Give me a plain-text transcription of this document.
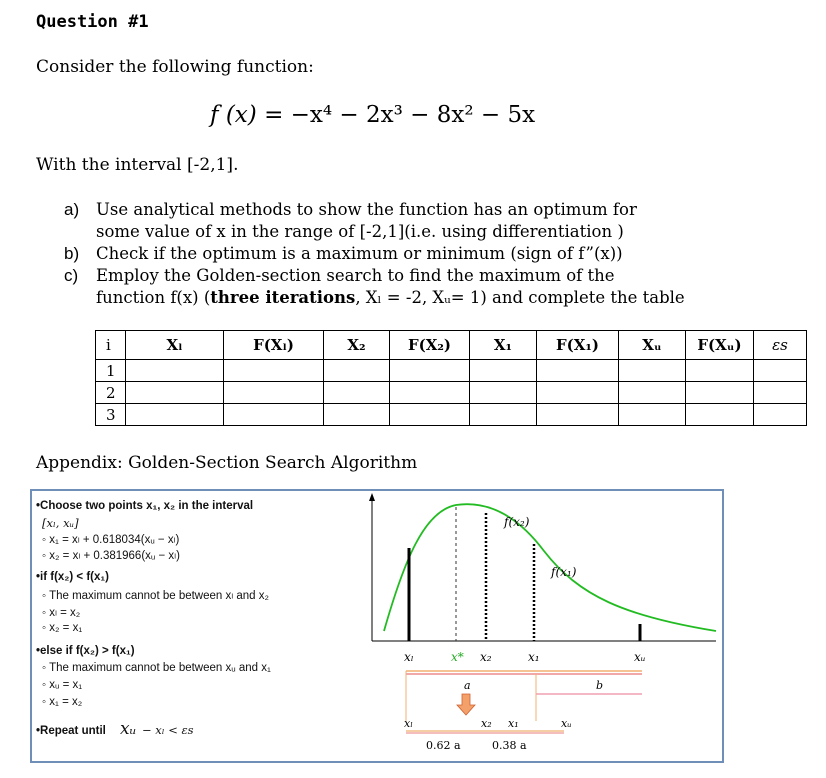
Question #1
Consider the following function:
f (x) = −x⁴ − 2x³ − 8x² − 5x
With the interval [-2,1].
a)	Use analytical methods to show the function has an optimum for
some value of x in the range of [-2,1](i.e. using differentiation )
b)	Check if the optimum is a maximum or minimum (sign of f”(x))
c)	Employ the Golden-section search to find the maximum of the
function f(x) (three iterations, Xₗ = -2, Xᵤ= 1) and complete the table
i	Xₗ	F(Xₗ)	X₂	F(X₂)	X₁	F(X₁)	Xᵤ	F(Xᵤ)	εs
1									
2									
3									
Appendix: Golden-Section Search Algorithm
•Choose two points x₁, x₂ in the interval
[xₗ, xᵤ]
◦ x₁ = xₗ + 0.618034(xᵤ − xₗ)
◦ x₂ = xₗ + 0.381966(xᵤ − xₗ)
•if f(x₂) < f(x₁)
◦ The maximum cannot be between xₗ and x₂
◦ xₗ = x₂
◦ x₂ = x₁
•else if f(x₂) > f(x₁)
◦ The maximum cannot be between xᵤ and x₁
◦ xᵤ = x₁
◦ x₁ = x₂
•Repeat until xᵤ − xₗ < εs
f(x₂)
f(x₁)
xₗ	x* x₂	x₁	xᵤ
a	b
xₗ	x₂ x₁	xᵤ
0.62 a	0.38 a
